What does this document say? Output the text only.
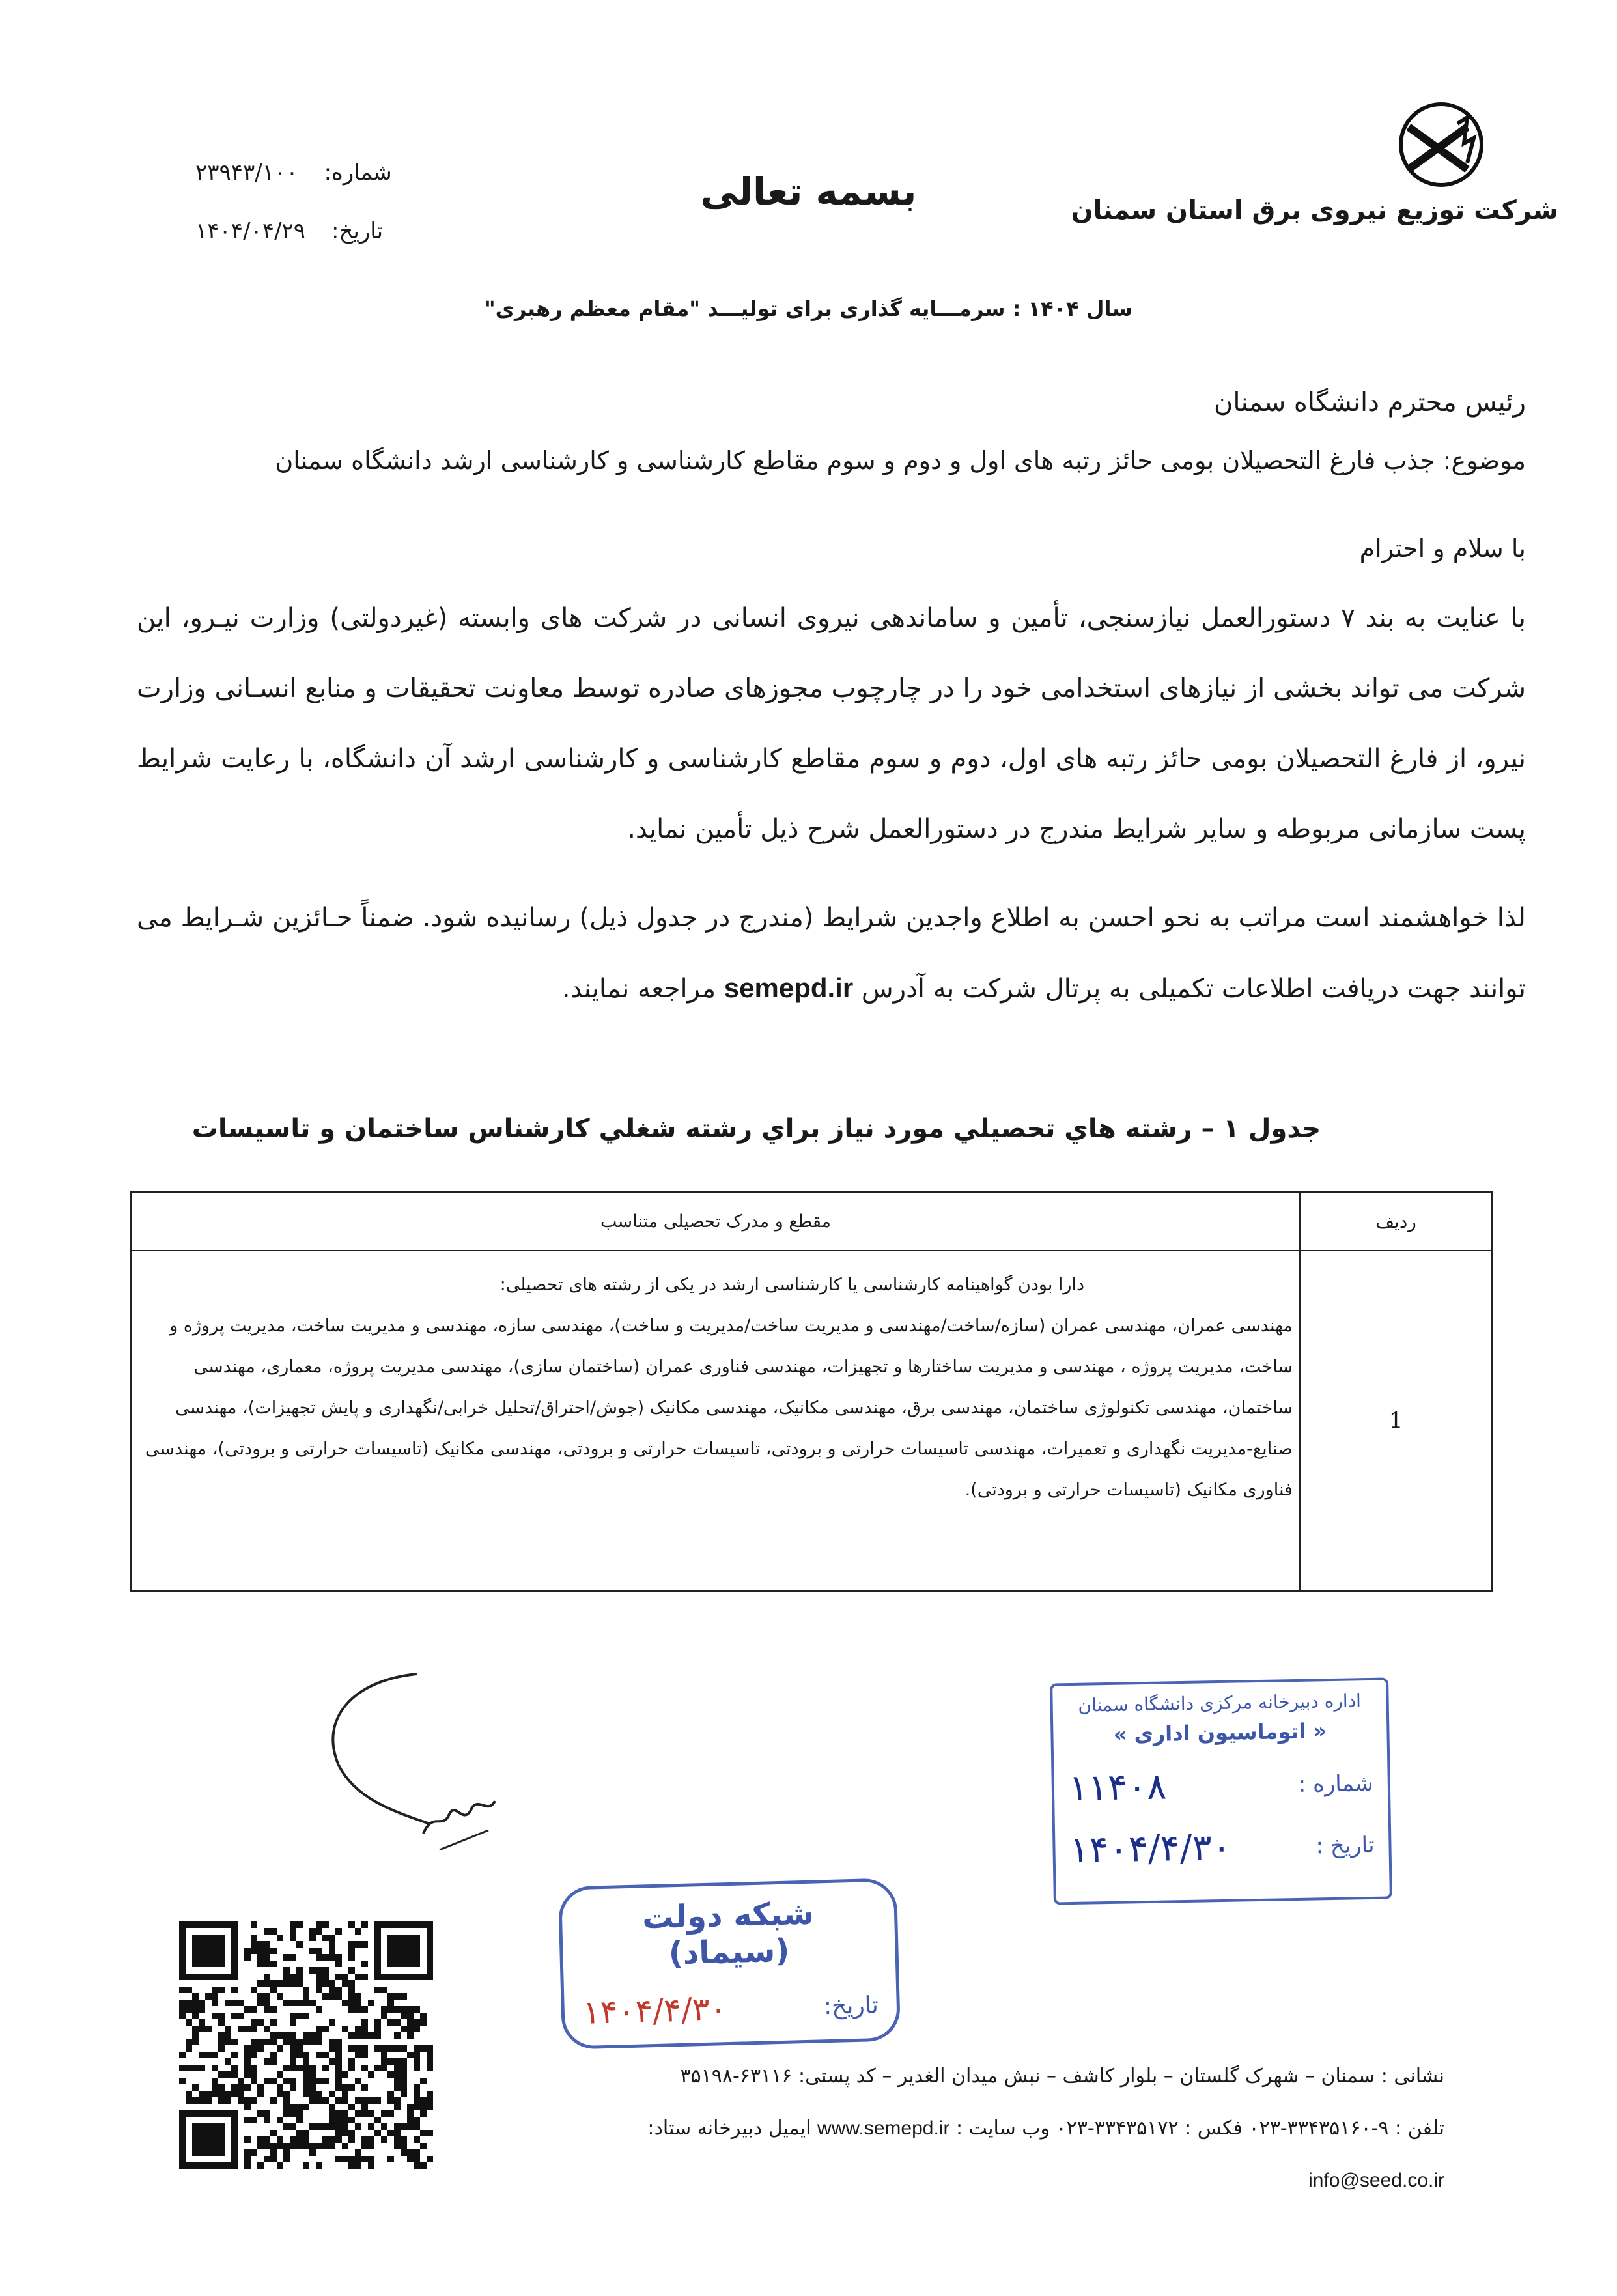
شرکت توزیع نیروی برق استان سمنان
بسمه تعالی
شماره:
۲۳۹۴۳/۱۰۰
تاریخ:
۱۴۰۴/۰۴/۲۹
سال ۱۴۰۴ : سرمـــایه گذاری برای تولیـــد "مقام معظم رهبری"
رئیس محترم دانشگاه سمنان
موضوع: جذب فارغ التحصیلان بومی حائز رتبه های اول و دوم و سوم مقاطع کارشناسی و کارشناسی ارشد دانشگاه سمنان
با سلام و احترام

با عنایت به بند ۷ دستورالعمل نیازسنجی، تأمین و ساماندهی نیروی انسانی در شرکت های وابسته (غیردولتی) وزارت نیـرو، این شرکت می تواند بخشی از نیازهای استخدامی خود را در چارچوب مجوزهای صادره توسط معاونت تحقیقات و منابع انسـانی وزارت نیرو، از فارغ التحصیلان بومی حائز رتبه های اول، دوم و سوم مقاطع کارشناسی و کارشناسی ارشد آن دانشگاه، با رعایت شرایط پست سازمانی مربوطه و سایر شرایط مندرج در دستورالعمل شرح ذیل تأمین نماید.

لذا خواهشمند است مراتب به نحو احسن به اطلاع واجدین شرایط (مندرج در جدول ذیل) رسانیده شود. ضمناً حـائزین شـرایط می توانند جهت دریافت اطلاعات تکمیلی به پرتال شرکت به آدرس semepd.ir مراجعه نمایند.

جدول ۱ – رشته هاي تحصيلي مورد نياز براي رشته شغلي كارشناس ساختمان و تاسيسات
ردیف
مقطع و مدرک تحصیلی متناسب
1
دارا بودن گواهینامه کارشناسی یا کارشناسی ارشد در یکی از رشته های تحصیلی:
مهندسی عمران، مهندسی عمران (سازه/ساخت/مهندسی و مدیریت ساخت/مدیریت و ساخت)، مهندسی سازه، مهندسی و مدیریت ساخت، مدیریت پروژه و ساخت، مدیریت پروژه ، مهندسی و مدیریت ساختارها و تجهیزات، مهندسی فناوری عمران (ساختمان سازی)، مهندسی مدیریت پروژه، معماری، مهندسی ساختمان، مهندسی تکنولوژی ساختمان، مهندسی برق، مهندسی مکانیک، مهندسی مکانیک (جوش/احتراق/تحلیل خرابی/نگهداری و پایش تجهیزات)، مهندسی صنایع-مدیریت نگهداری و تعمیرات، مهندسی تاسیسات حرارتی و برودتی، تاسیسات حرارتی و برودتی، مهندسی مکانیک (تاسیسات حرارتی و برودتی)، مهندسی فناوری مکانیک (تاسیسات حرارتی و برودتی).
اداره دبیرخانه مرکزی دانشگاه سمنان
« اتوماسیون اداری »
شماره :
۱۱۴۰۸
تاریخ :
۱۴۰۴/۴/۳۰
شبکه دولت (سیماد)
تاریخ:
۱۴۰۴/۴/۳۰
نشانی : سمنان – شهرک گلستان – بلوار کاشف – نبش میدان الغدیر – کد پستی: ۶۳۱۱۶-۳۵۱۹۸
تلفن : ۹-۳۳۴۳۵۱۶۰-۰۲۳ فکس : ۳۳۴۳۵۱۷۲-۰۲۳ وب سایت : www.semepd.ir ایمیل دبیرخانه ستاد:
info@seed.co.ir
